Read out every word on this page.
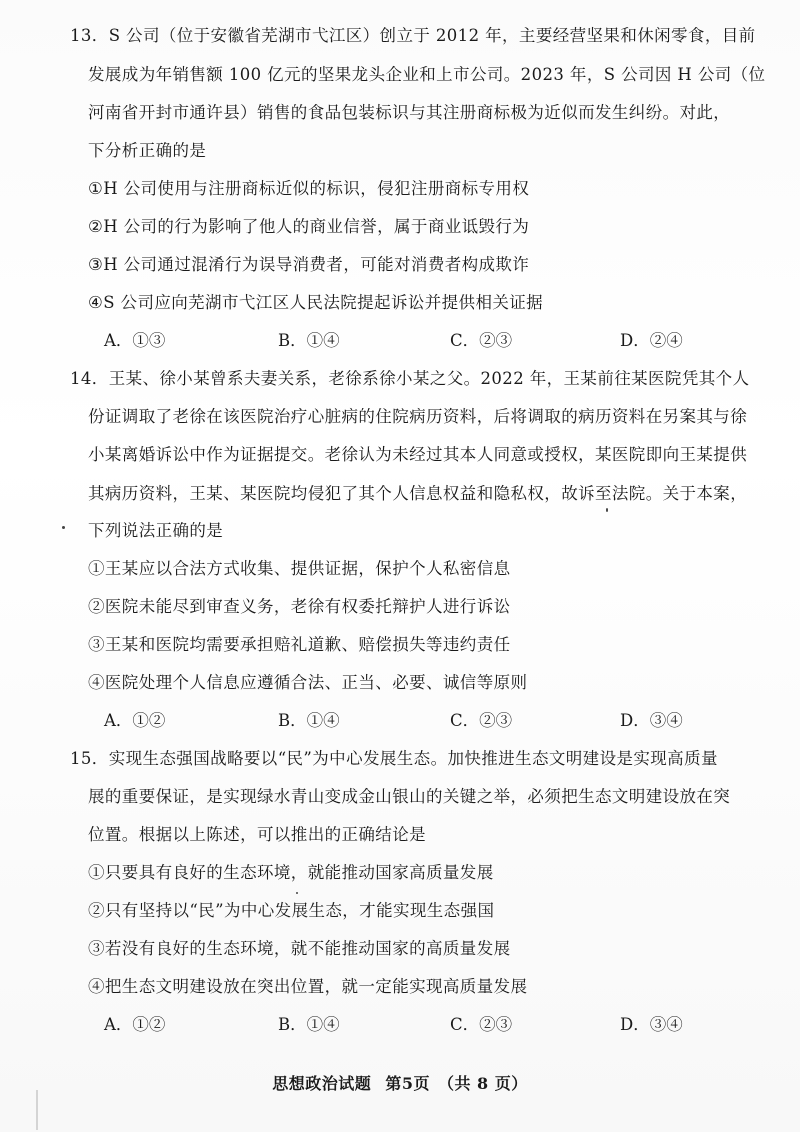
13．S 公司（位于安徽省芜湖市弋江区）创立于 2012 年，主要经营坚果和休闲零食，目前
发展成为年销售额 100 亿元的坚果龙头企业和上市公司。2023 年，S 公司因 H 公司（位
河南省开封市通许县）销售的食品包装标识与其注册商标极为近似而发生纠纷。对此，
下分析正确的是
①H 公司使用与注册商标近似的标识，侵犯注册商标专用权
②H 公司的行为影响了他人的商业信誉，属于商业诋毁行为
③H 公司通过混淆行为误导消费者，可能对消费者构成欺诈
④S 公司应向芜湖市弋江区人民法院提起诉讼并提供相关证据
A．①③	B．①④	C．②③	D．②④
14．王某、徐小某曾系夫妻关系，老徐系徐小某之父。2022 年，王某前往某医院凭其个人
份证调取了老徐在该医院治疗心脏病的住院病历资料，后将调取的病历资料在另案其与徐
小某离婚诉讼中作为证据提交。老徐认为未经过其本人同意或授权，某医院即向王某提供
其病历资料，王某、某医院均侵犯了其个人信息权益和隐私权，故诉至法院。关于本案，
下列说法正确的是
①王某应以合法方式收集、提供证据，保护个人私密信息
②医院未能尽到审查义务，老徐有权委托辩护人进行诉讼
③王某和医院均需要承担赔礼道歉、赔偿损失等违约责任
④医院处理个人信息应遵循合法、正当、必要、诚信等原则
A．①②	B．①④	C．②③	D．③④
15．实现生态强国战略要以“民”为中心发展生态。加快推进生态文明建设是实现高质量
展的重要保证，是实现绿水青山变成金山银山的关键之举，必须把生态文明建设放在突
位置。根据以上陈述，可以推出的正确结论是
①只要具有良好的生态环境，就能推动国家高质量发展
②只有坚持以“民”为中心发展生态，才能实现生态强国
③若没有良好的生态环境，就不能推动国家的高质量发展
④把生态文明建设放在突出位置，就一定能实现高质量发展
A．①②	B．①④	C．②③	D．③④
思想政治试题 第5页 （共 8 页）
